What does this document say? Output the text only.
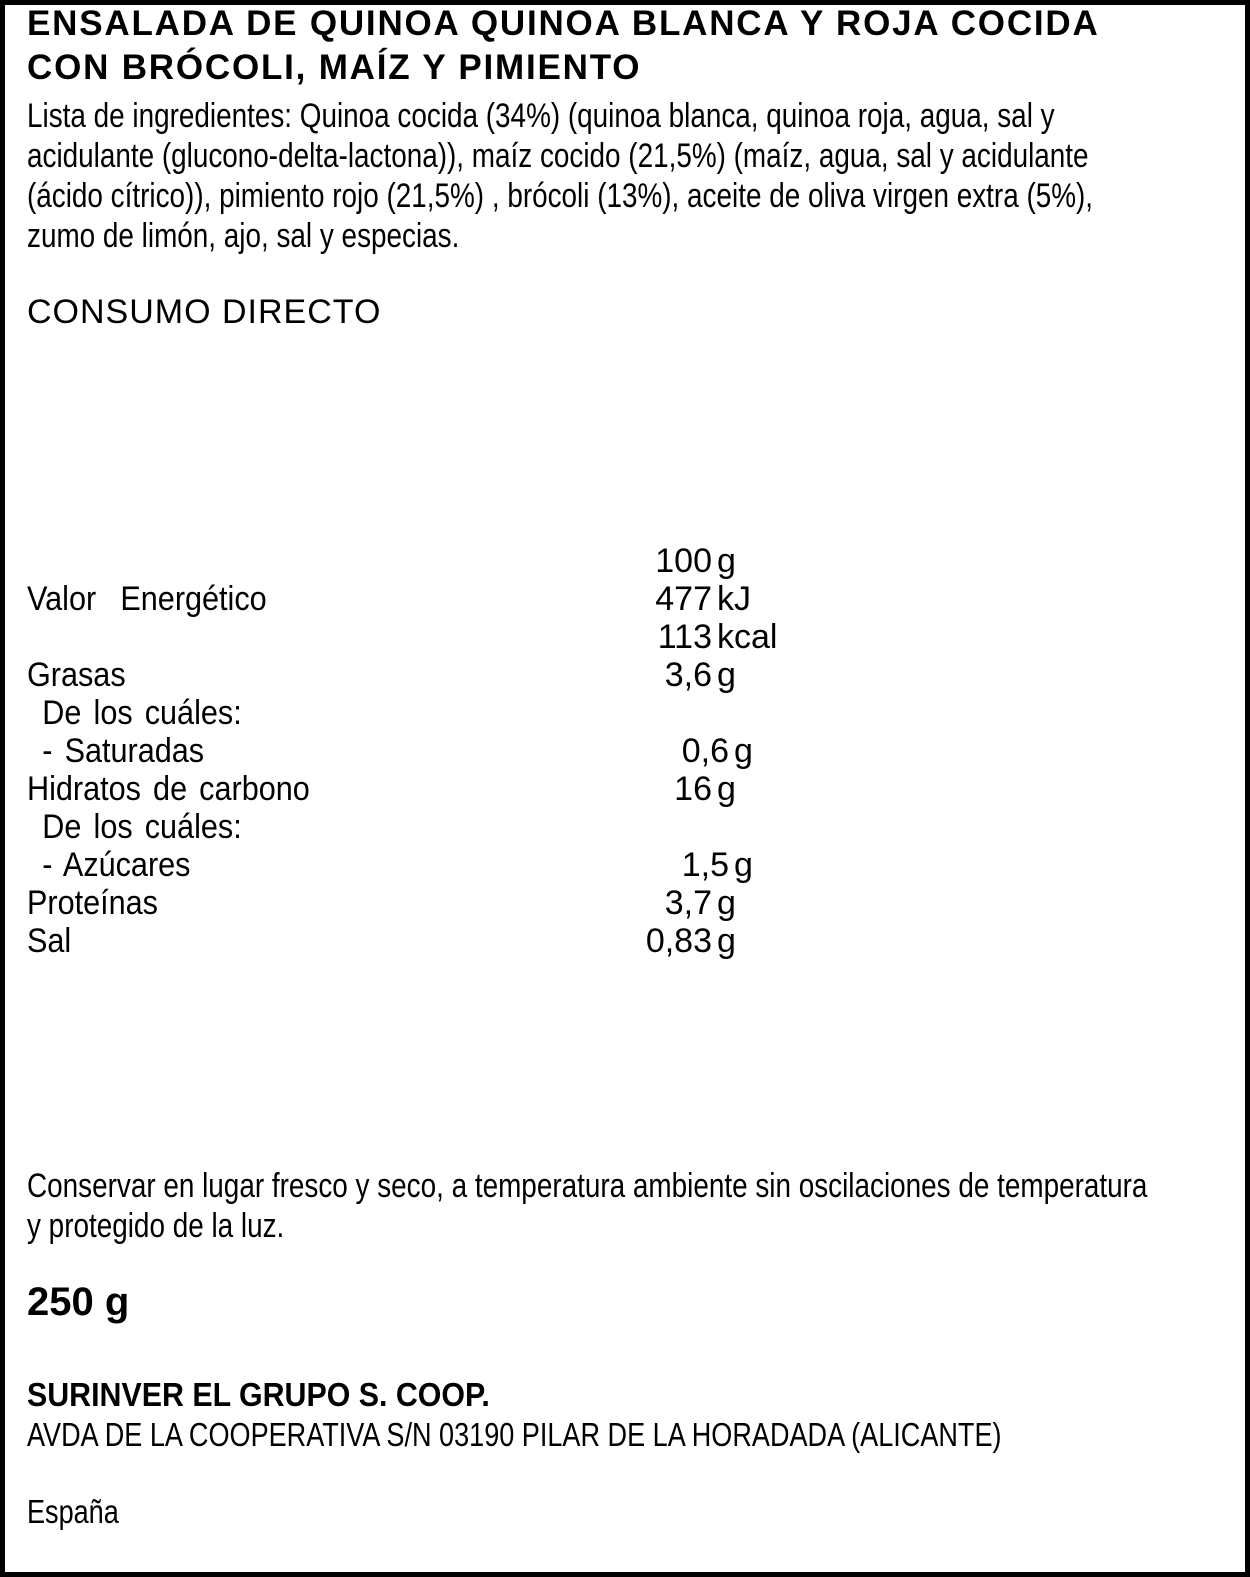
ENSALADA DE QUINOA QUINOA BLANCA Y ROJA COCIDA
CON BRÓCOLI, MAÍZ Y PIMIENTO
Lista de ingredientes: Quinoa cocida (34%) (quinoa blanca, quinoa roja, agua, sal y acidulante (glucono-delta-lactona)), maíz cocido (21,5%) (maíz, agua, sal y acidulante (ácido cítrico)), pimiento rojo (21,5%) , brócoli (13%), aceite de oliva virgen extra (5%), zumo de limón, ajo, sal y especias.
CONSUMO DIRECTO
100 g
Valor  Energético	477 kJ
113 kcal
Grasas	3,6 g
De los cuáles:
- Saturadas	0,6 g
Hidratos de carbono	16 g
De los cuáles:
- Azúcares	1,5 g
Proteínas	3,7 g
Sal	0,83 g
Conservar en lugar fresco y seco, a temperatura ambiente sin oscilaciones de temperatura y protegido de la luz.
250 g
SURINVER EL GRUPO S. COOP.
AVDA DE LA COOPERATIVA S/N 03190 PILAR DE LA HORADADA (ALICANTE)
España
